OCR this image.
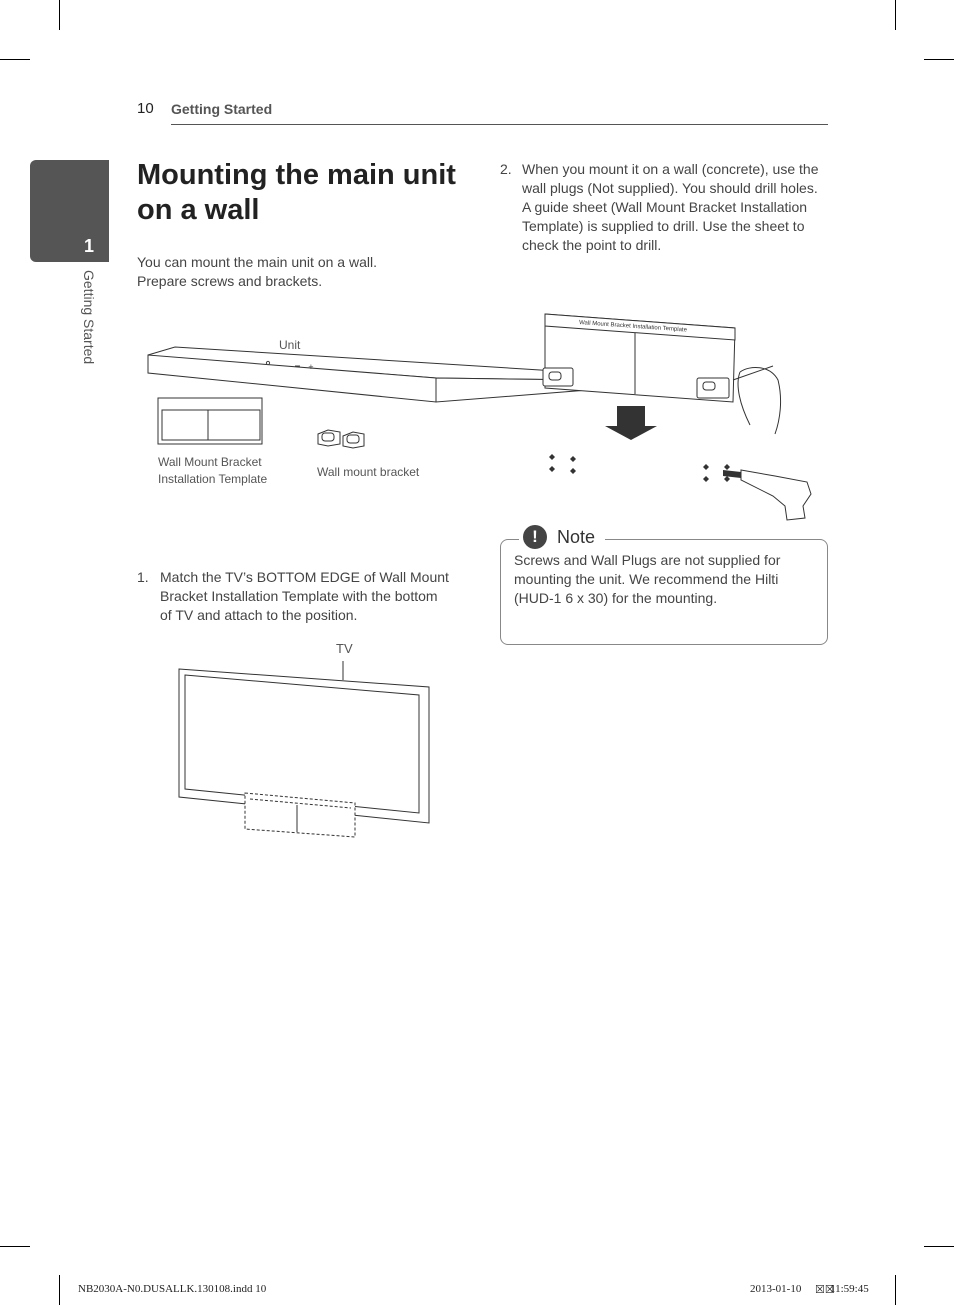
10 Getting Started
1
Getting Started
Mounting the main unit on a wall
You can mount the main unit on a wall.
Prepare screws and brackets.
Unit
+
Wall Mount Bracket
Installation Template	Wall mount bracket
1. Match the TV’s BOTTOM EDGE of Wall Mount
Bracket Installation Template with the bottom
of TV and attach to the position.
TV
2. When you mount it on a wall (concrete), use the
wall plugs (Not supplied). You should drill holes.
A guide sheet (Wall Mount Bracket Installation
Template) is supplied to drill. Use the sheet to
check the point to drill.
Wall Mount Bracket Installation Template
!	Note
Screws and Wall Plugs are not supplied for
mounting the unit. We recommend the Hilti
(HUD-1 6 x 30) for the mounting.
NB2030A-N0.DUSALLK.130108.indd 10	2013-01-10 ☒☒
11:59:45
